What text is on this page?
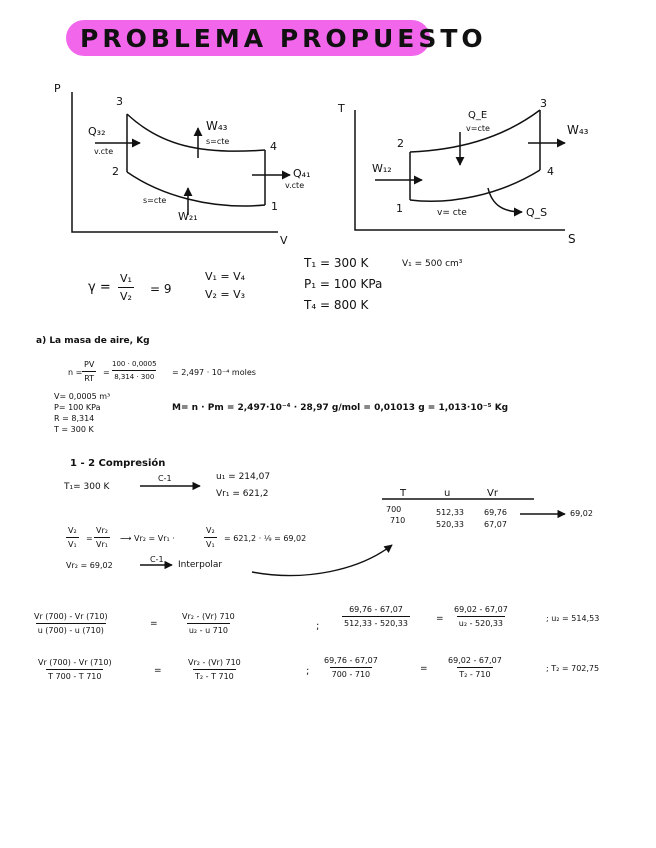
PROBLEMA PROPUESTO
P
V
3
2
4
1
Q₃₂
v.cte
W₄₃
s=cte
Q₄₁
v.cte
s=cte
W₂₁
T
S
3
2
4
1
Q_E
v=cte	W₄₃
W₁₂
v= cte	Q_S
$\gamma = \frac{\text{V₁}}{\text{V₂}} = 9$
V₁ = V₄
V₂ = V₃
T₁ = 300 K
P₁ = 100 KPa
T₄ = 800 K
V₁ = 500 cm³
a) La masa de aire, Kg
$n = \frac{PV}{RT} = \frac{100 \cdot 0,0005}{8,314 \cdot 300} = 2,497 \cdot 10^{-4}$ moles
V= 0,0005 m³
P= 100 KPa
R = 8,314
T = 300 K
M= n · Pm = 2,497·10⁻⁴ · 28,97 g/mol = 0,01013 g = 1,013·10⁻⁵ Kg
1 - 2 Compresión
T₁= 300 K
C-1	u₁ = 214,07
Vr₁ = 621,2
$\frac{\text{V₂}}{\text{V₁}} = \frac{\text{Vr₂}}{\text{Vr₁}}$ ⟶ Vr₂ = Vr₁ ·	$\frac{\text{V₂}}{\text{V₁}} = 621,2$ · ¹⁄₉ = 69,02
Vr₂ = 69,02
C-1
Interpolar
T	u	Vr
700	512,33	69,76
710	520,33	67,07
69,02
$\frac{Vr (700) - Vr (710)}{u (700) - u (710)}$	=	$\frac{\text{Vr₂ - (Vr) 710}}{\text{u₂ - u 710}}$	;	$\frac{69,76 - 67,07}{512,33 - 520,33}$	= $\frac{69,02 - 67,07}{\text{u₂ - 520,33}}$	; u₂ = 514,53
$\frac{Vr (700) - Vr (710)}{T 700 - T 710}$	=	$\frac{\text{Vr₂ - (Vr) 710}}{\text{T₂ - T 710}}$	; $\frac{69,76 - 67,07}{700 - 710}$	= $\frac{69,02 - 67,07}{\text{T₂ - 710}}$	; T₂ = 702,75
